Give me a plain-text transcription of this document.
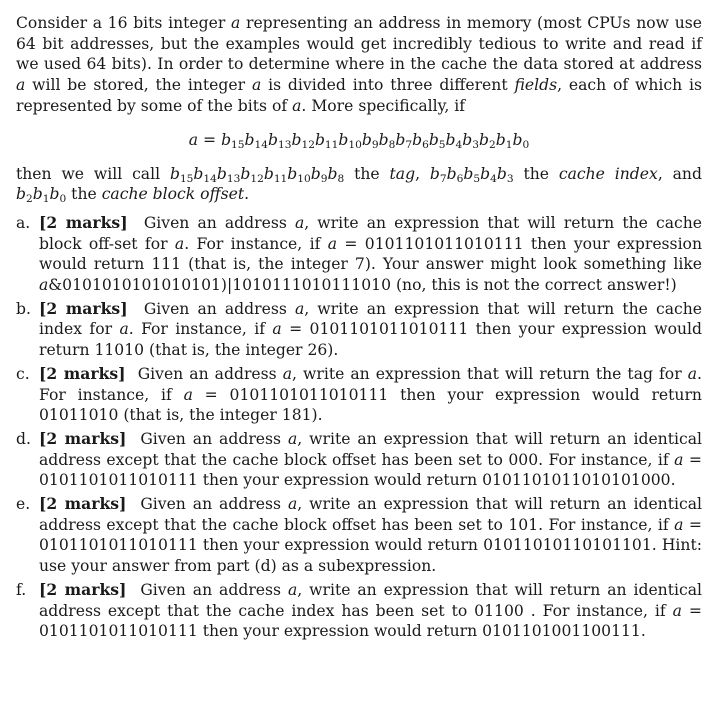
Consider a 16 bits integer a representing an address in memory (most CPUs now use 64 bit addresses, but the examples would get incredibly tedious to write and read if we used 64 bits). In order to determine where in the cache the data stored at address a will be stored, the integer a is divided into three different fields, each of which is represented by some of the bits of a. More specifically, if

$a = b_{15}b_{14}b_{13}b_{12}b_{11}b_{10}b_9b_8b_7b_6b_5b_4b_3b_2b_1b_0$

then we will call $b_{15}b_{14}b_{13}b_{12}b_{11}b_{10}b_9b_8$ the tag, $b_7b_6b_5b_4b_3$ the cache index, and $b_2b_1b_0$ the cache block offset.

a. [2 marks] Given an address a, write an expression that will return the cache block off-set for a. For instance, if a = 0101101011010111 then your expression would return 111 (that is, the integer 7). Your answer might look something like a&0101010101010101)|1010111010111010 (no, this is not the correct answer!)
b. [2 marks] Given an address a, write an expression that will return the cache index for a. For instance, if a = 0101101011010111 then your expression would return 11010 (that is, the integer 26).
c. [2 marks] Given an address a, write an expression that will return the tag for a. For instance, if a = 0101101011010111 then your expression would return 01011010 (that is, the integer 181).
d. [2 marks] Given an address a, write an expression that will return an identical address except that the cache block offset has been set to 000. For instance, if a = 0101101011010111 then your expression would return 0101101011010101000.
e. [2 marks] Given an address a, write an expression that will return an identical address except that the cache block offset has been set to 101. For instance, if a = 0101101011010111 then your expression would return 01011010110101101. Hint: use your answer from part (d) as a subexpression.
f. [2 marks] Given an address a, write an expression that will return an identical address except that the cache index has been set to 01100 . For instance, if a = 0101101011010111 then your expression would return 0101101001100111.
